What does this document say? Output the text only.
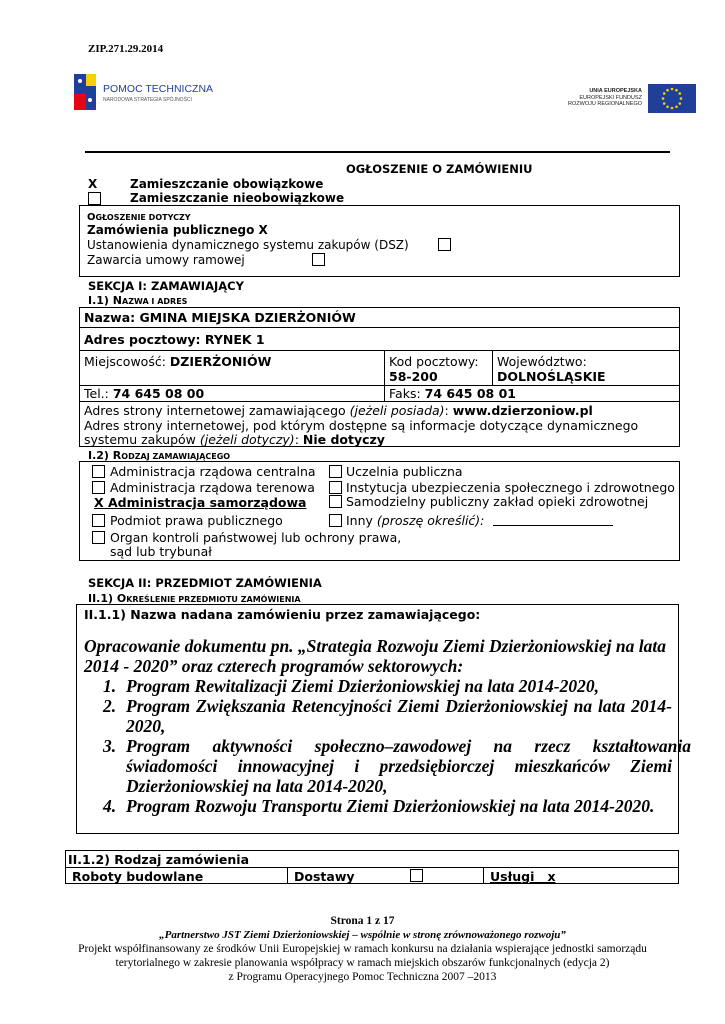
ZIP.271.29.2014
POMOC TECHNICZNA
NARODOWA STRATEGIA SPÓJNOŚCI
UNIA EUROPEJSKA
EUROPEJSKI FUNDUSZ
ROZWOJU REGIONALNEGO
OGŁOSZENIE O ZAMÓWIENIU
X	Zamieszczanie obowiązkowe
Zamieszczanie nieobowiązkowe
OGŁOSZENIE DOTYCZY
Zamówienia publicznego X
Ustanowienia dynamicznego systemu zakupów (DSZ)
Zawarcia umowy ramowej
SEKCJA I: ZAMAWIAJĄCY
I.1) NAZWA I ADRES
Nazwa: GMINA MIEJSKA DZIERŻONIÓW
Adres pocztowy: RYNEK 1
Miejscowość: DZIERŻONIÓW	Kod pocztowy:
58-200
Województwo:
DOLNOŚLĄSKIE
Tel.: 74 645 08 00	Faks: 74 645 08 01
Adres strony internetowej zamawiającego (jeżeli posiada): www.dzierzoniow.pl
Adres strony internetowej, pod którym dostępne są informacje dotyczące dynamicznego
systemu zakupów (jeżeli dotyczy): Nie dotyczy
I.2) RODZAJ ZAMAWIAJĄCEGO
Administracja rządowa centralna
Administracja rządowa terenowa
X Administracja samorządowa
Podmiot prawa publicznego
Organ kontroli państwowej lub ochrony prawa,
sąd lub trybunał
Uczelnia publiczna
Instytucja ubezpieczenia społecznego i zdrowotnego
Samodzielny publiczny zakład opieki zdrowotnej
Inny (proszę określić):
SEKCJA II: PRZEDMIOT ZAMÓWIENIA
II.1) OKREŚLENIE PRZEDMIOTU ZAMÓWIENIA
II.1.1) Nazwa nadana zamówieniu przez zamawiającego:
Opracowanie dokumentu pn. „Strategia Rozwoju Ziemi Dzierżoniowskiej na lata
2014 - 2020” oraz czterech programów sektorowych:
1. Program Rewitalizacji Ziemi Dzierżoniowskiej na lata 2014-2020,
2. Program Zwiększania Retencyjności Ziemi Dzierżoniowskiej na lata 2014-
2020,
3. Program aktywności społeczno–zawodowej na rzecz kształtowania
świadomości innowacyjnej i przedsiębiorczej mieszkańców Ziemi
Dzierżoniowskiej na lata 2014-2020,
4. Program Rozwoju Transportu Ziemi Dzierżoniowskiej na lata 2014-2020.
II.1.2) Rodzaj zamówienia
Roboty budowlane	Dostawy	Usługi x
Strona 1 z 17
„Partnerstwo JST Ziemi Dzierżoniowskiej – wspólnie w stronę zrównoważonego rozwoju”
Projekt współfinansowany ze środków Unii Europejskiej w ramach konkursu na działania wspierające jednostki samorządu
terytorialnego w zakresie planowania współpracy w ramach miejskich obszarów funkcjonalnych (edycja 2)
z Programu Operacyjnego Pomoc Techniczna 2007 –2013
